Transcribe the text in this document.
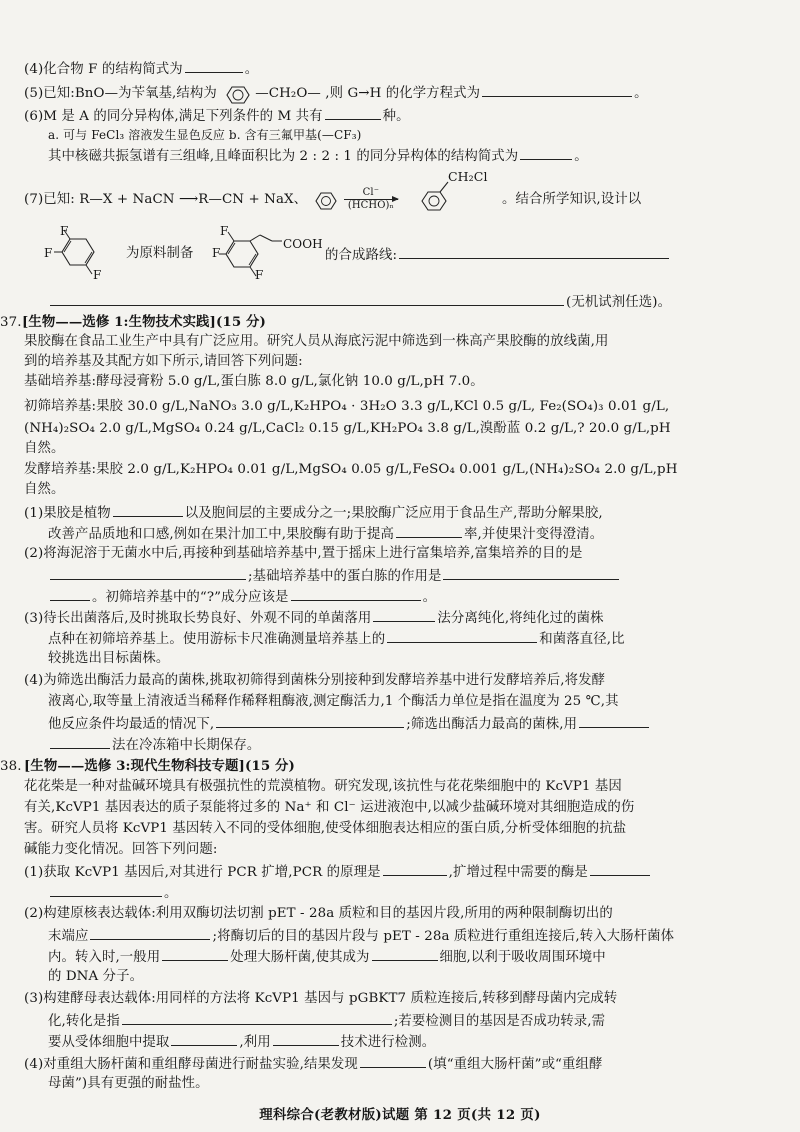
(4)化合物 F 的结构简式为	。
(5)已知:BnO—为苄氧基,结构为	—CH₂O— ,则 G→H 的化学方程式为	。
(6)M 是 A 的同分异构体,满足下列条件的 M 共有	种。
a. 可与 FeCl₃ 溶液发生显色反应 b. 含有三氟甲基(—CF₃)
其中核磁共振氢谱有三组峰,且峰面积比为 2 : 2 : 1 的同分异构体的结构简式为	。
(7)已知: R—X + NaCN ⟶R—CN + NaX、	Cl⁻
(HCHO)ₙ
CH₂Cl
。结合所学知识,设计以
F
F
F
为原料制备
F
F
F
COOH
的合成路线:
(无机试剂任选)。
37.[生物——选修 1:生物技术实践](15 分)
果胶酶在食品工业生产中具有广泛应用。研究人员从海底污泥中筛选到一株高产果胶酶的放线菌,用
到的培养基及其配方如下所示,请回答下列问题:
基础培养基:酵母浸膏粉 5.0 g/L,蛋白胨 8.0 g/L,氯化钠 10.0 g/L,pH 7.0。
初筛培养基:果胶 30.0 g/L,NaNO₃ 3.0 g/L,K₂HPO₄ · 3H₂O 3.3 g/L,KCl 0.5 g/L, Fe₂(SO₄)₃ 0.01 g/L,
(NH₄)₂SO₄ 2.0 g/L,MgSO₄ 0.24 g/L,CaCl₂ 0.15 g/L,KH₂PO₄ 3.8 g/L,溴酚蓝 0.2 g/L,? 20.0 g/L,pH
自然。
发酵培养基:果胶 2.0 g/L,K₂HPO₄ 0.01 g/L,MgSO₄ 0.05 g/L,FeSO₄ 0.001 g/L,(NH₄)₂SO₄ 2.0 g/L,pH
自然。
(1)果胶是植物	以及胞间层的主要成分之一;果胶酶广泛应用于食品生产,帮助分解果胶,
改善产品质地和口感,例如在果汁加工中,果胶酶有助于提高	率,并使果汁变得澄清。
(2)将海泥溶于无菌水中后,再接种到基础培养基中,置于摇床上进行富集培养,富集培养的目的是
;基础培养基中的蛋白胨的作用是
。初筛培养基中的“?”成分应该是	。
(3)待长出菌落后,及时挑取长势良好、外观不同的单菌落用	法分离纯化,将纯化过的菌株
点种在初筛培养基上。使用游标卡尺准确测量培养基上的	和菌落直径,比
较挑选出目标菌株。
(4)为筛选出酶活力最高的菌株,挑取初筛得到菌株分别接种到发酵培养基中进行发酵培养后,将发酵
液离心,取等量上清液适当稀释作稀释粗酶液,测定酶活力,1 个酶活力单位是指在温度为 25 ℃,其
他反应条件均最适的情况下,	;筛选出酶活力最高的菌株,用
法在冷冻箱中长期保存。
38. [生物——选修 3:现代生物科技专题](15 分)
花花柴是一种对盐碱环境具有极强抗性的荒漠植物。研究发现,该抗性与花花柴细胞中的 KcVP1 基因
有关,KcVP1 基因表达的质子泵能将过多的 Na⁺ 和 Cl⁻ 运进液泡中,以减少盐碱环境对其细胞造成的伤
害。研究人员将 KcVP1 基因转入不同的受体细胞,使受体细胞表达相应的蛋白质,分析受体细胞的抗盐
碱能力变化情况。回答下列问题:
(1)获取 KcVP1 基因后,对其进行 PCR 扩增,PCR 的原理是	,扩增过程中需要的酶是
。
(2)构建原核表达载体:利用双酶切法切割 pET - 28a 质粒和目的基因片段,所用的两种限制酶切出的
末端应	;将酶切后的目的基因片段与 pET - 28a 质粒进行重组连接后,转入大肠杆菌体
内。转入时,一般用	处理大肠杆菌,使其成为	细胞,以利于吸收周围环境中
的 DNA 分子。
(3)构建酵母表达载体:用同样的方法将 KcVP1 基因与 pGBKT7 质粒连接后,转移到酵母菌内完成转
化,转化是指	;若要检测目的基因是否成功转录,需
要从受体细胞中提取	,利用	技术进行检测。
(4)对重组大肠杆菌和重组酵母菌进行耐盐实验,结果发现	(填“重组大肠杆菌”或“重组酵
母菌”)具有更强的耐盐性。
理科综合(老教材版)试题 第 12 页(共 12 页)
